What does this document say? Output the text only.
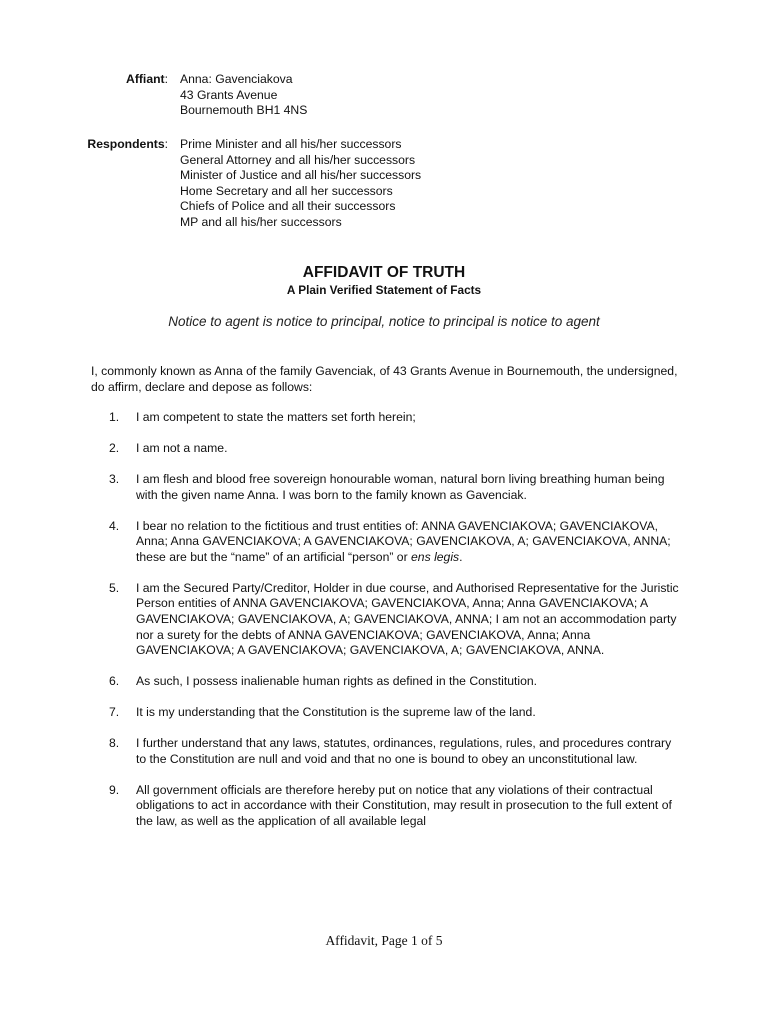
Affiant: Anna: Gavenciakova
43 Grants Avenue
Bournemouth BH1 4NS
Respondents: Prime Minister and all his/her successors
General Attorney and all his/her successors
Minister of Justice and all his/her successors
Home Secretary and all her successors
Chiefs of Police and all their successors
MP and all his/her successors
AFFIDAVIT OF TRUTH
A Plain Verified Statement of Facts
Notice to agent is notice to principal, notice to principal is notice to agent
I, commonly known as Anna of the family Gavenciak, of 43 Grants Avenue in Bournemouth, the undersigned, do affirm, declare and depose as follows:
1.	I am competent to state the matters set forth herein;
2.	I am not a name.
3.	I am flesh and blood free sovereign honourable woman, natural born living breathing human being with the given name Anna. I was born to the family known as Gavenciak.
4.	I bear no relation to the fictitious and trust entities of: ANNA GAVENCIAKOVA; GAVENCIAKOVA, Anna; Anna GAVENCIAKOVA; A GAVENCIAKOVA; GAVENCIAKOVA, A; GAVENCIAKOVA, ANNA; these are but the “name” of an artificial “person” or ens legis.
5.	I am the Secured Party/Creditor, Holder in due course, and Authorised Representative for the Juristic Person entities of ANNA GAVENCIAKOVA; GAVENCIAKOVA, Anna; Anna GAVENCIAKOVA; A GAVENCIAKOVA; GAVENCIAKOVA, A; GAVENCIAKOVA, ANNA; I am not an accommodation party nor a surety for the debts of ANNA GAVENCIAKOVA; GAVENCIAKOVA, Anna; Anna GAVENCIAKOVA; A GAVENCIAKOVA; GAVENCIAKOVA, A; GAVENCIAKOVA, ANNA.
6.	As such, I possess inalienable human rights as defined in the Constitution.
7.	It is my understanding that the Constitution is the supreme law of the land.
8.	I further understand that any laws, statutes, ordinances, regulations, rules, and procedures contrary to the Constitution are null and void and that no one is bound to obey an unconstitutional law.
9.	All government officials are therefore hereby put on notice that any violations of their contractual obligations to act in accordance with their Constitution, may result in prosecution to the full extent of the law, as well as the application of all available legal
Affidavit, Page 1 of 5
